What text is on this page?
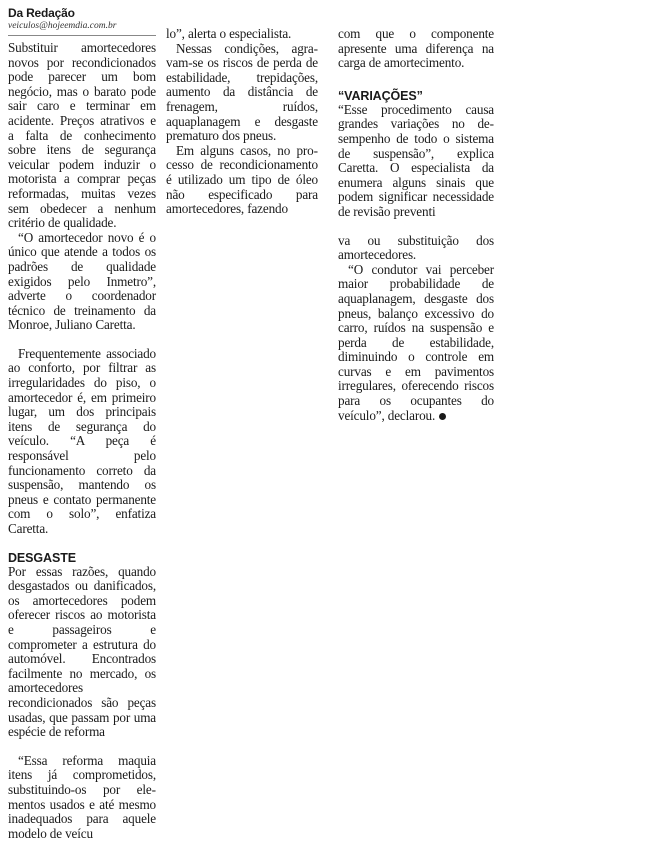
Da Redação
veiculos@hojeemdia.com.br

Substituir amortecedores novos por recondicionados pode parecer um bom negócio, mas o barato pode sair caro e terminar em acidente. Preços atrativos e a falta de conhecimento sobre itens de segurança veicular podem induzir o motorista a comprar peças reformadas, muitas vezes sem obedecer a nenhum critério de qualidade.

“O amortecedor novo é o único que atende a todos os padrões de qualidade exigidos pelo Inmetro”, adverte o coordenador técnico de treinamento da Monroe, Juliano Caretta.

Frequentemente associado ao conforto, por filtrar as irregularidades do piso, o amortecedor é, em primeiro lugar, um dos principais itens de segurança do veículo. “A peça é responsável pelo funcionamento correto da suspensão, mantendo os pneus e contato permanente com o solo”, enfatiza Caretta.

DESGASTE

Por essas razões, quando desgastados ou danificados, os amortecedores podem oferecer riscos ao motorista e passageiros e comprometer a estrutura do automóvel. Encontrados facilmente no mercado, os amortecedores recondicionados são peças usadas, que passam por uma espécie de reforma

“Essa reforma maquia itens já comprometidos, substituindo-os por elementos usados e até mesmo inadequados para aquele modelo de veícu

lo”, alerta o especialista.

Nessas condições, agravam-se os riscos de perda de estabilidade, trepidações, aumento da distância de frenagem, ruídos, aquaplanagem e desgaste prematuro dos pneus.

Em alguns casos, no processo de recondicionamento é utilizado um tipo de óleo não especificado para amortecedores, fazendo

com que o componente apresente uma diferença na carga de amortecimento.

“VARIAÇÕES”

“Esse procedimento causa grandes variações no desempenho de todo o sistema de suspensão”, explica Caretta. O especialista da enumera alguns sinais que podem significar necessidade de revisão preventi

va ou substituição dos amortecedores.

“O condutor vai perceber maior probabilidade de aquaplanagem, desgaste dos pneus, balanço excessivo do carro, ruídos na suspensão e perda de estabilidade, diminuindo o controle em curvas e em pavimentos irregulares, oferecendo riscos para os ocupantes do veículo”, declarou.
